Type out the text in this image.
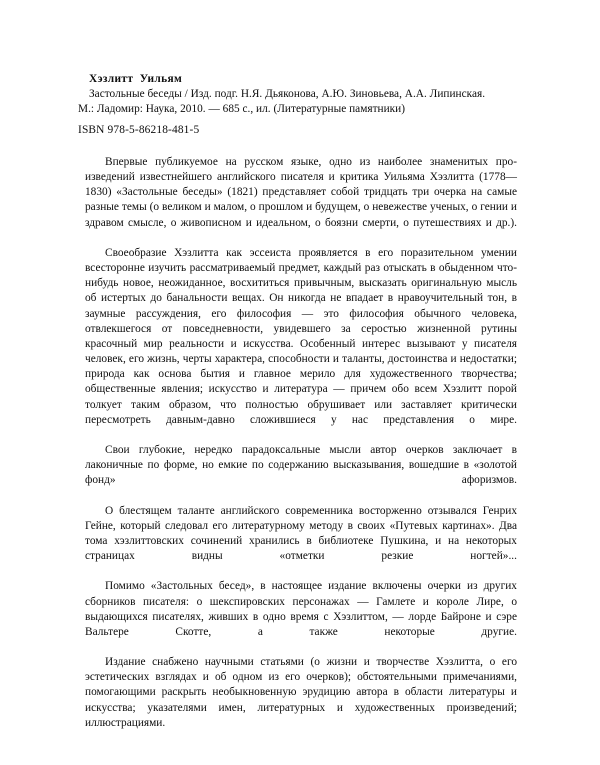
Хэзлитт  Уильям
Застольные беседы / Изд. подг. Н.Я. Дьяконова, А.Ю. Зиновьева, А.А. Липинская.
М.: Ладомир: Наука, 2010. — 685 с., ил. (Литературные памятники)
ISBN 978-5-86218-481-5

Впервые публикуемое на русском языке, одно из наиболее знаменитых произведений известнейшего английского писателя и критика Уильяма Хэзлитта (1778—1830) «Застольные беседы» (1821) представляет собой тридцать три очерка на самые разные темы (о великом и малом, о прошлом и будущем, о невежестве ученых, о гении и здравом смысле, о живописном и идеальном, о боязни смерти, о путешествиях и др.).

Своеобразие Хэзлитта как эссеиста проявляется в его поразительном умении всесторонне изучить рассматриваемый предмет, каждый раз отыскать в обыденном что-нибудь новое, неожиданное, восхититься привычным, высказать оригинальную мысль об истертых до банальности вещах. Он никогда не впадает в нравоучительный тон, в заумные рассуждения, его философия — это философия обычного человека, отвлекшегося от повседневности, увидевшего за серостью жизненной рутины красочный мир реальности и искусства. Особенный интерес вызывают у писателя человек, его жизнь, черты характера, способности и таланты, достоинства и недостатки; природа как основа бытия и главное мерило для художественного творчества; общественные явления; искусство и литература — причем обо всем Хэзлитт порой толкует таким образом, что полностью обрушивает или заставляет критически пересмотреть давным-давно сложившиеся у нас представления о мире.

Свои глубокие, нередко парадоксальные мысли автор очерков заключает в лаконичные по форме, но емкие по содержанию высказывания, вошедшие в «золотой фонд» афоризмов.

О блестящем таланте английского современника восторженно отзывался Генрих Гейне, который следовал его литературному методу в своих «Путевых картинах». Два тома хэзлиттовских сочинений хранились в библиотеке Пушкина, и на некоторых страницах видны «отметки резкие ногтей»...

Помимо «Застольных бесед», в настоящее издание включены очерки из других сборников писателя: о шекспировских персонажах — Гамлете и короле Лире, о выдающихся писателях, живших в одно время с Хэзлиттом, — лорде Байроне и сэре Вальтере Скотте, а также некоторые другие.

Издание снабжено научными статьями (о жизни и творчестве Хэзлитта, о его эстетических взглядах и об одном из его очерков); обстоятельными примечаниями, помогающими раскрыть необыкновенную эрудицию автора в области литературы и искусства; указателями имен, литературных и художественных произведений; иллюстрациями.
